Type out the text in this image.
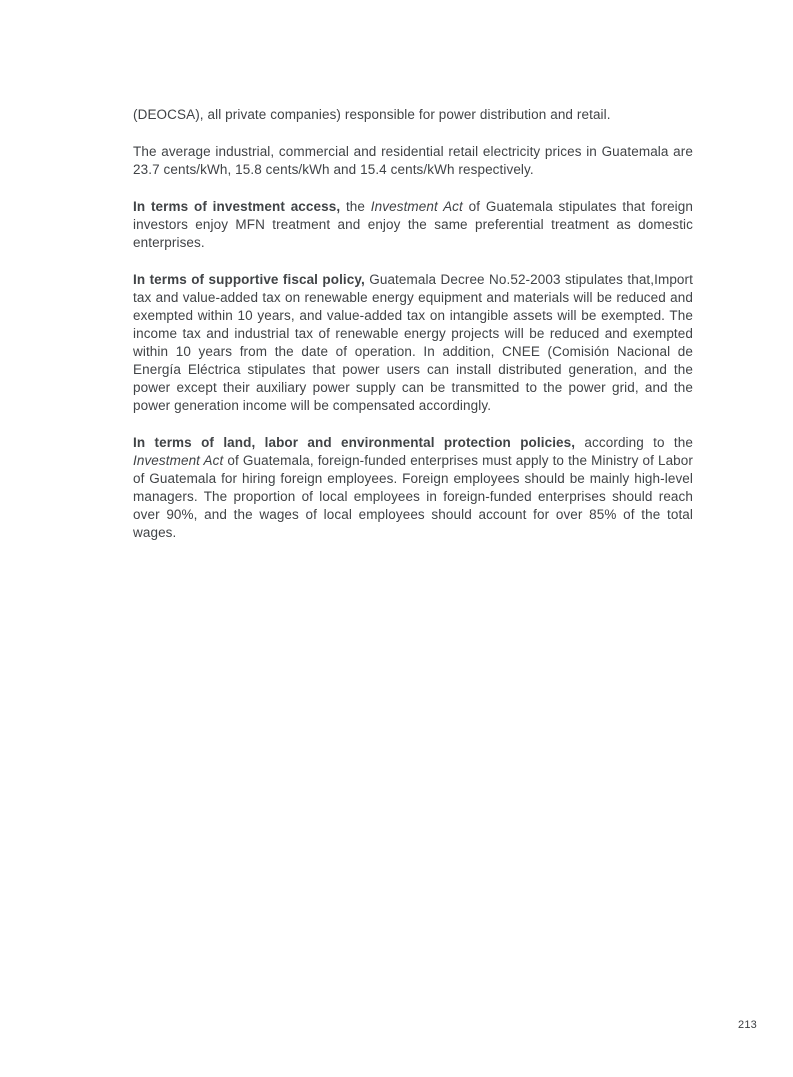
(DEOCSA), all private companies) responsible for power distribution and retail.

The average industrial, commercial and residential retail electricity prices in Guatemala are 23.7 cents/kWh, 15.8 cents/kWh and 15.4 cents/kWh respectively.

In terms of investment access, the Investment Act of Guatemala stipulates that foreign investors enjoy MFN treatment and enjoy the same preferential treatment as domestic enterprises.

In terms of supportive fiscal policy, Guatemala Decree No.52-2003 stipulates that,Import tax and value-added tax on renewable energy equipment and materials will be reduced and exempted within 10 years, and value-added tax on intangible assets will be exempted. The income tax and industrial tax of renewable energy projects will be reduced and exempted within 10 years from the date of operation. In addition, CNEE (Comisión Nacional de Energía Eléctrica stipulates that power users can install distributed generation, and the power except their auxiliary power supply can be transmitted to the power grid, and the power generation income will be compensated accordingly.

In terms of land, labor and environmental protection policies, according to the Investment Act of Guatemala, foreign-funded enterprises must apply to the Ministry of Labor of Guatemala for hiring foreign employees. Foreign employees should be mainly high-level managers. The proportion of local employees in foreign-funded enterprises should reach over 90%, and the wages of local employees should account for over 85% of the total wages.

213
